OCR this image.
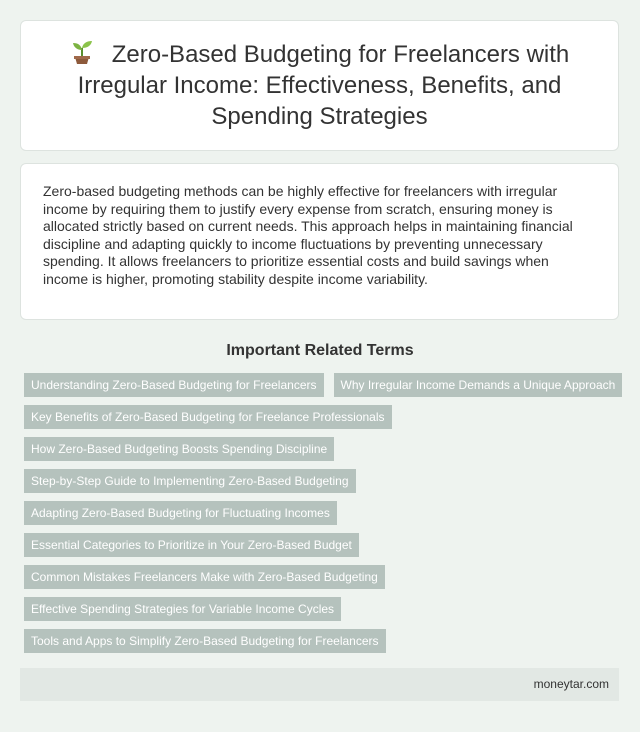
Zero-Based Budgeting for Freelancers with Irregular Income: Effectiveness, Benefits, and Spending Strategies

Zero-based budgeting methods can be highly effective for freelancers with irregular income by requiring them to justify every expense from scratch, ensuring money is allocated strictly based on current needs. This approach helps in maintaining financial discipline and adapting quickly to income fluctuations by preventing unnecessary spending. It allows freelancers to prioritize essential costs and build savings when income is higher, promoting stability despite income variability.

Important Related Terms
Understanding Zero-Based Budgeting for Freelancers	Why Irregular Income Demands a Unique Approach
Key Benefits of Zero-Based Budgeting for Freelance Professionals
How Zero-Based Budgeting Boosts Spending Discipline
Step-by-Step Guide to Implementing Zero-Based Budgeting
Adapting Zero-Based Budgeting for Fluctuating Incomes
Essential Categories to Prioritize in Your Zero-Based Budget
Common Mistakes Freelancers Make with Zero-Based Budgeting
Effective Spending Strategies for Variable Income Cycles
Tools and Apps to Simplify Zero-Based Budgeting for Freelancers
moneytar.com
